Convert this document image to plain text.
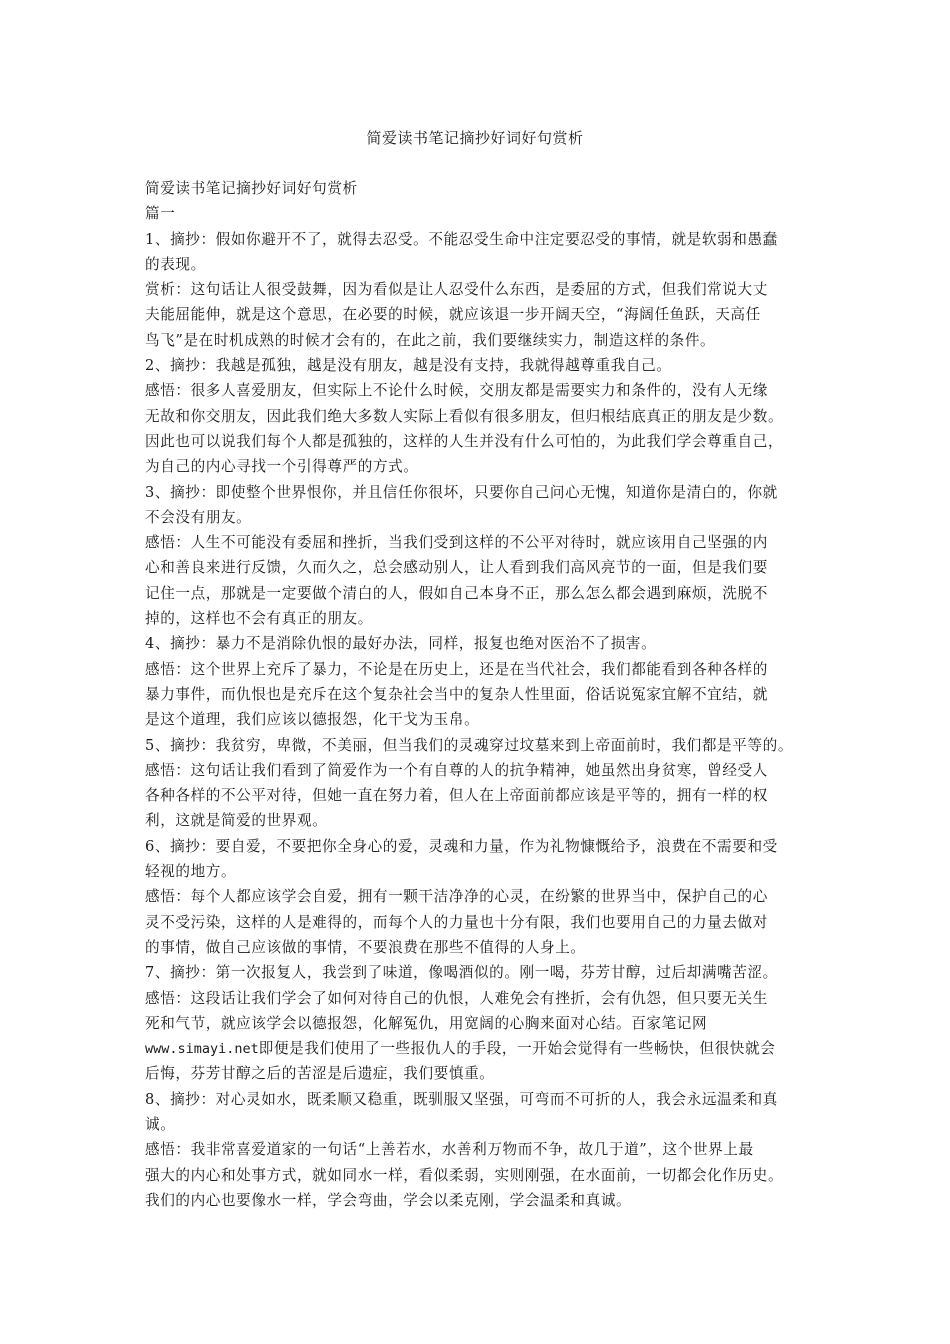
简爱读书笔记摘抄好词好句赏析
简爱读书笔记摘抄好词好句赏析
篇一
1、摘抄：假如你避开不了，就得去忍受。不能忍受生命中注定要忍受的事情，就是软弱和愚蠢
的表现。
赏析：这句话让人很受鼓舞，因为看似是让人忍受什么东西，是委屈的方式，但我们常说大丈
夫能屈能伸，就是这个意思，在必要的时候，就应该退一步开阔天空，“海阔任鱼跃，天高任
鸟飞”是在时机成熟的时候才会有的，在此之前，我们要继续实力，制造这样的条件。
2、摘抄：我越是孤独，越是没有朋友，越是没有支持，我就得越尊重我自己。
感悟：很多人喜爱朋友，但实际上不论什么时候，交朋友都是需要实力和条件的，没有人无缘
无故和你交朋友，因此我们绝大多数人实际上看似有很多朋友，但归根结底真正的朋友是少数。
因此也可以说我们每个人都是孤独的，这样的人生并没有什么可怕的，为此我们学会尊重自己，
为自己的内心寻找一个引得尊严的方式。
3、摘抄：即使整个世界恨你，并且信任你很坏，只要你自己问心无愧，知道你是清白的，你就
不会没有朋友。
感悟：人生不可能没有委屈和挫折，当我们受到这样的不公平对待时，就应该用自己坚强的内
心和善良来进行反馈，久而久之，总会感动别人，让人看到我们高风亮节的一面，但是我们要
记住一点，那就是一定要做个清白的人，假如自己本身不正，那么怎么都会遇到麻烦，洗脱不
掉的，这样也不会有真正的朋友。
4、摘抄：暴力不是消除仇恨的最好办法，同样，报复也绝对医治不了损害。
感悟：这个世界上充斥了暴力，不论是在历史上，还是在当代社会，我们都能看到各种各样的
暴力事件，而仇恨也是充斥在这个复杂社会当中的复杂人性里面，俗话说冤家宜解不宜结，就
是这个道理，我们应该以德报怨，化干戈为玉帛。
5、摘抄：我贫穷，卑微，不美丽，但当我们的灵魂穿过坟墓来到上帝面前时，我们都是平等的。
感悟：这句话让我们看到了简爱作为一个有自尊的人的抗争精神，她虽然出身贫寒，曾经受人
各种各样的不公平对待，但她一直在努力着，但人在上帝面前都应该是平等的，拥有一样的权
利，这就是简爱的世界观。
6、摘抄：要自爱，不要把你全身心的爱，灵魂和力量，作为礼物慷慨给予，浪费在不需要和受
轻视的地方。
感悟：每个人都应该学会自爱，拥有一颗干洁净净的心灵，在纷繁的世界当中，保护自己的心
灵不受污染，这样的人是难得的，而每个人的力量也十分有限，我们也要用自己的力量去做对
的事情，做自己应该做的事情，不要浪费在那些不值得的人身上。
7、摘抄：第一次报复人，我尝到了味道，像喝酒似的。刚一喝，芬芳甘醇，过后却满嘴苦涩。
感悟：这段话让我们学会了如何对待自己的仇恨，人难免会有挫折，会有仇怨，但只要无关生
死和气节，就应该学会以德报怨，化解冤仇，用宽阔的心胸来面对心结。百家笔记网
www.simayi.net即便是我们使用了一些报仇人的手段，一开始会觉得有一些畅快，但很快就会
后悔，芬芳甘醇之后的苦涩是后遗症，我们要慎重。
8、摘抄：对心灵如水，既柔顺又稳重，既驯服又坚强，可弯而不可折的人，我会永远温柔和真
诚。
感悟：我非常喜爱道家的一句话“上善若水，水善利万物而不争，故几于道”，这个世界上最
强大的内心和处事方式，就如同水一样，看似柔弱，实则刚强，在水面前，一切都会化作历史。
我们的内心也要像水一样，学会弯曲，学会以柔克刚，学会温柔和真诚。
